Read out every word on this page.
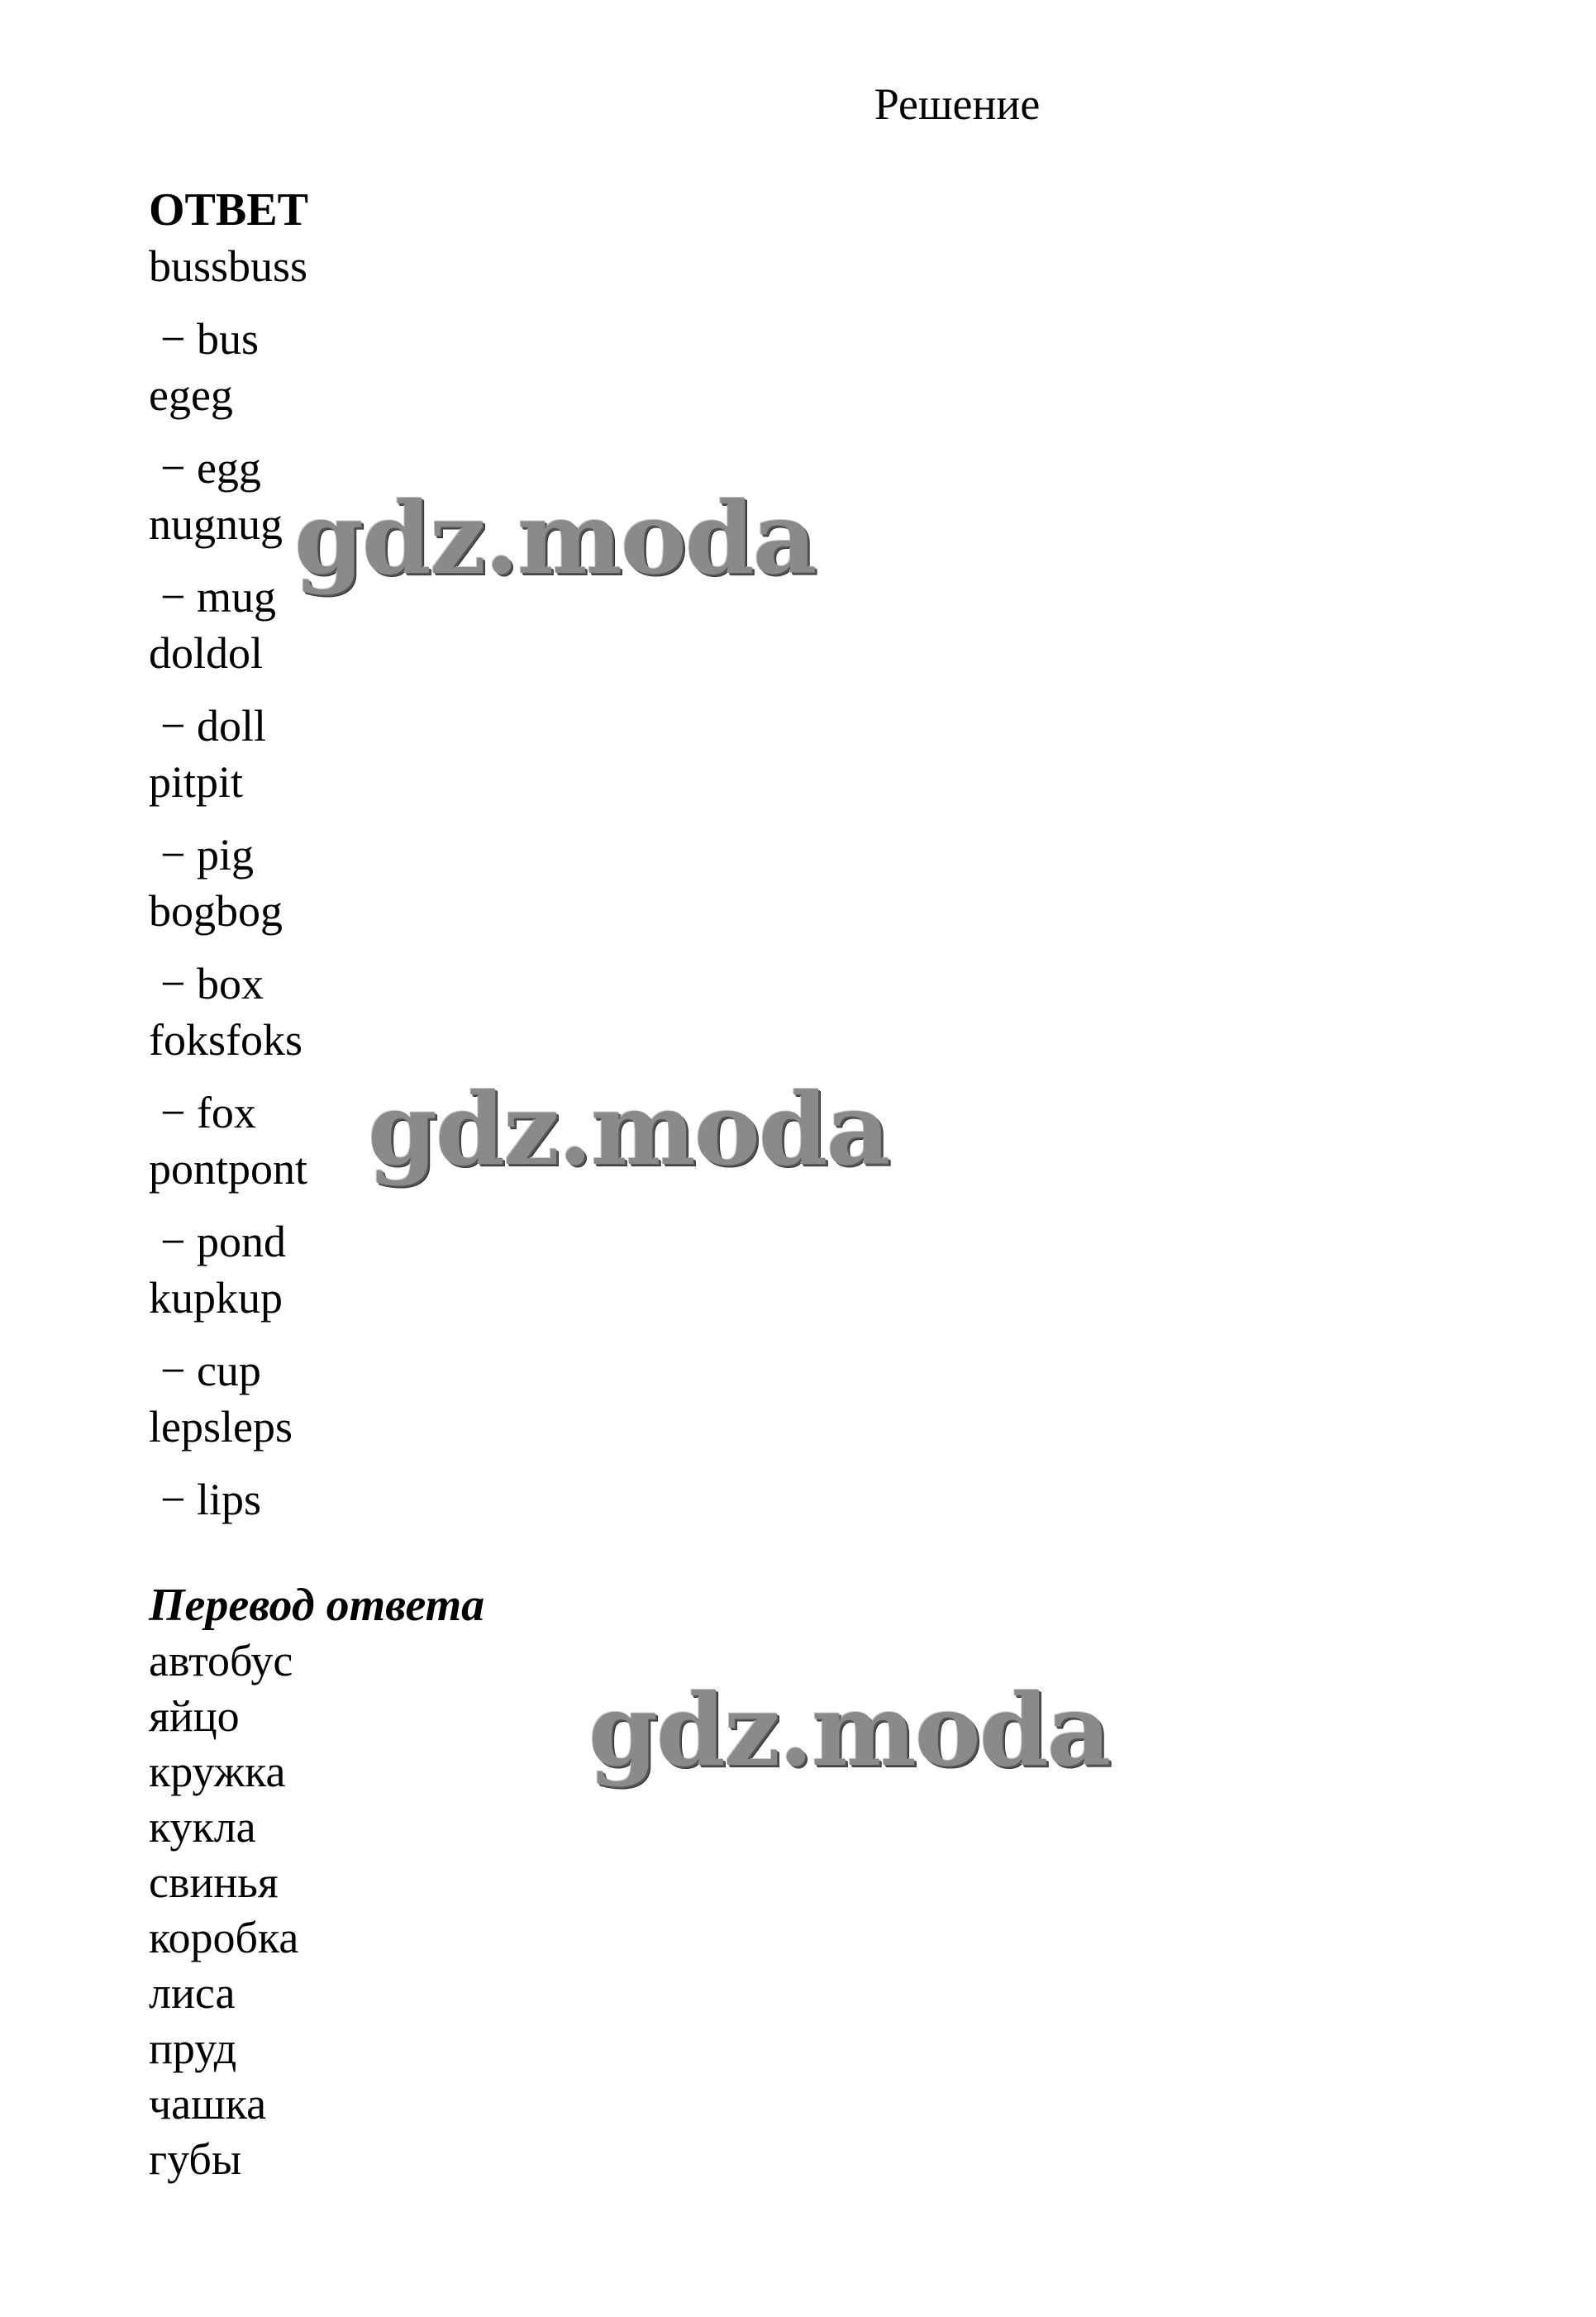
Решение
ОТВЕТ
bussbuss
− bus
egeg
− egg
nugnug
− mug
doldol
− doll
pitpit
− pig
bogbog
− box
foksfoks
− fox
pontpont
− pond
kupkup
− cup
lepsleps
− lips
Перевод ответа
автобус
яйцо
кружка
кукла
свинья
коробка
лиса
пруд
чашка
губы
gdz.moda
gdz.moda
gdz.moda
